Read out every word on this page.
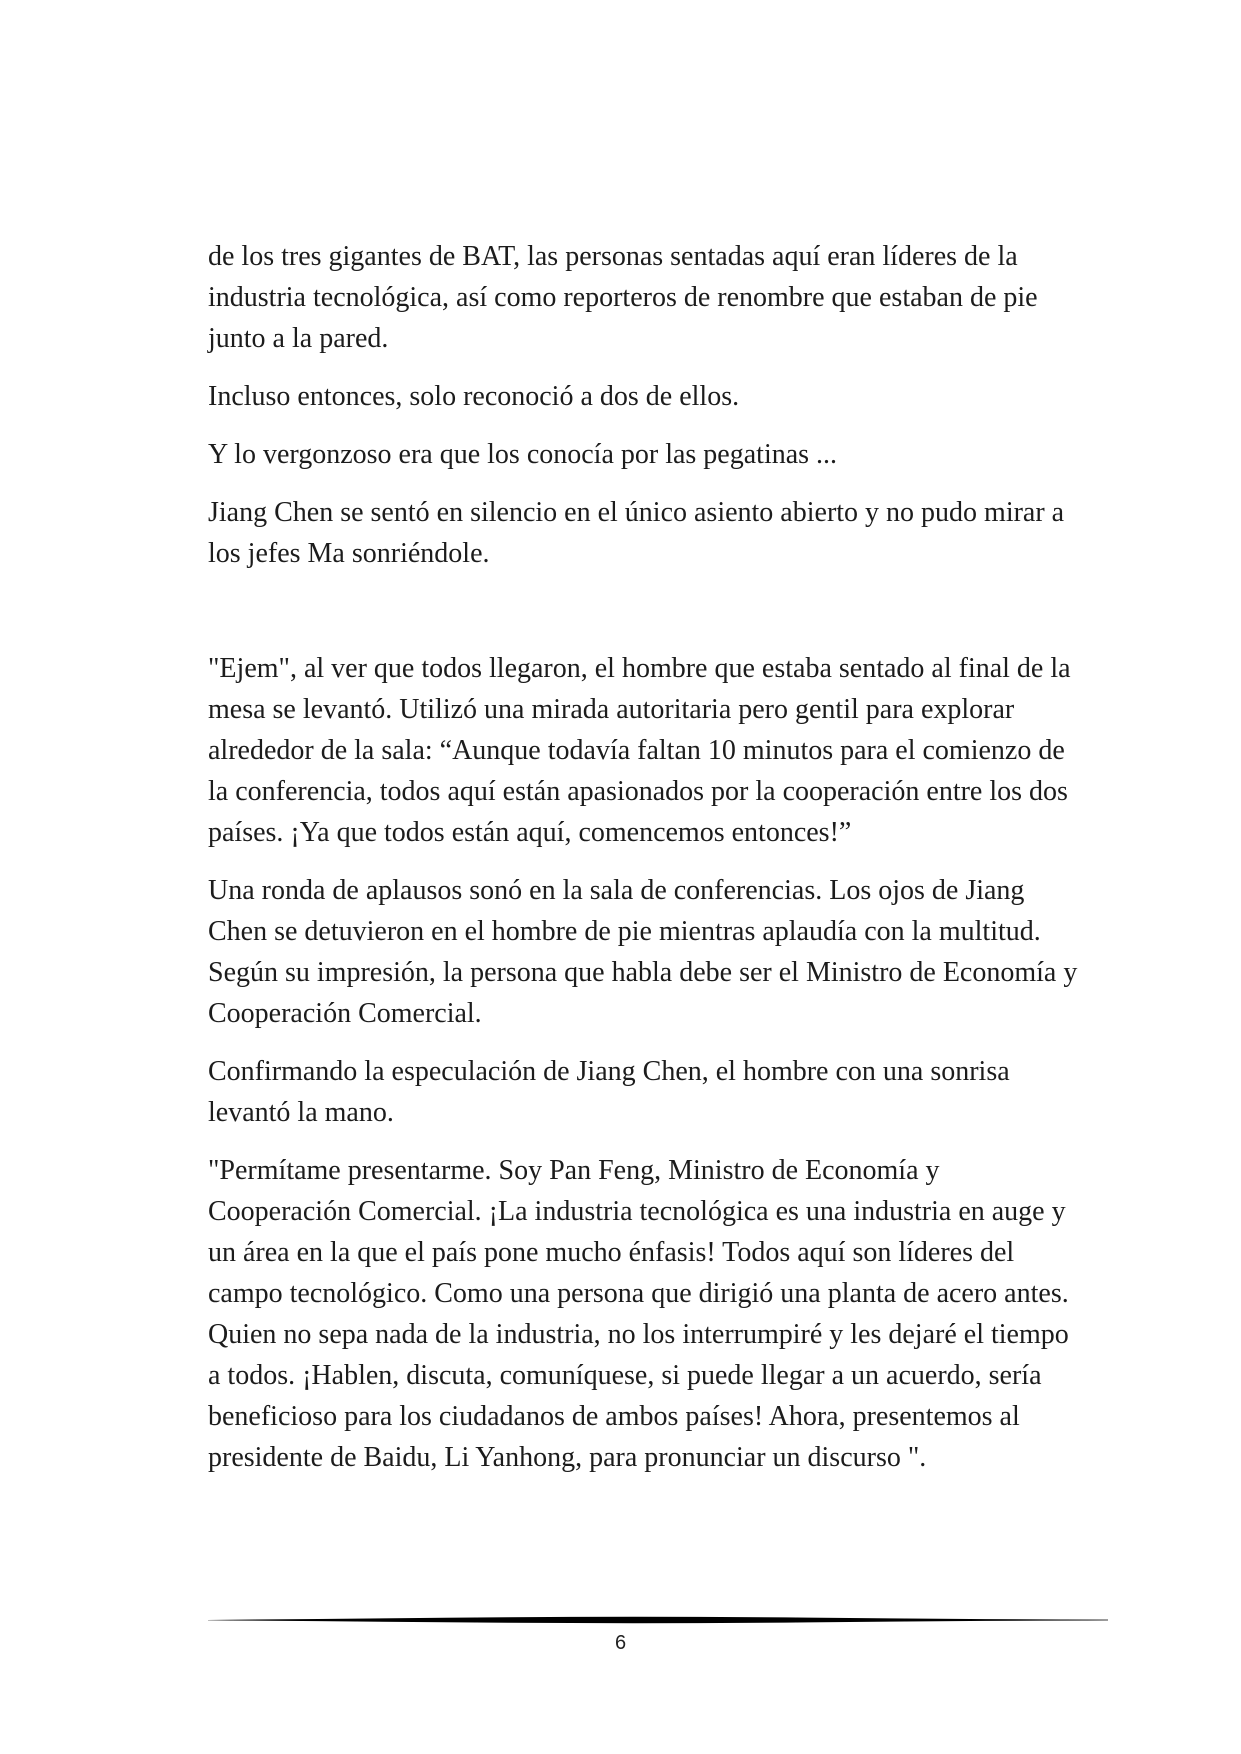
de los tres gigantes de BAT, las personas sentadas aquí eran líderes de la industria tecnológica, así como reporteros de renombre que estaban de pie junto a la pared.

Incluso entonces, solo reconoció a dos de ellos.

Y lo vergonzoso era que los conocía por las pegatinas ...

Jiang Chen se sentó en silencio en el único asiento abierto y no pudo mirar a los jefes Ma sonriéndole.

"Ejem", al ver que todos llegaron, el hombre que estaba sentado al final de la mesa se levantó. Utilizó una mirada autoritaria pero gentil para explorar alrededor de la sala: “Aunque todavía faltan 10 minutos para el comienzo de la conferencia, todos aquí están apasionados por la cooperación entre los dos países. ¡Ya que todos están aquí, comencemos entonces!”

Una ronda de aplausos sonó en la sala de conferencias. Los ojos de Jiang Chen se detuvieron en el hombre de pie mientras aplaudía con la multitud. Según su impresión, la persona que habla debe ser el Ministro de Economía y Cooperación Comercial.

Confirmando la especulación de Jiang Chen, el hombre con una sonrisa levantó la mano.

"Permítame presentarme. Soy Pan Feng, Ministro de Economía y Cooperación Comercial. ¡La industria tecnológica es una industria en auge y un área en la que el país pone mucho énfasis! Todos aquí son líderes del campo tecnológico. Como una persona que dirigió una planta de acero antes. Quien no sepa nada de la industria, no los interrumpiré y les dejaré el tiempo a todos. ¡Hablen, discuta, comuníquese, si puede llegar a un acuerdo, sería beneficioso para los ciudadanos de ambos países! Ahora, presentemos al presidente de Baidu, Li Yanhong, para pronunciar un discurso ".

6
